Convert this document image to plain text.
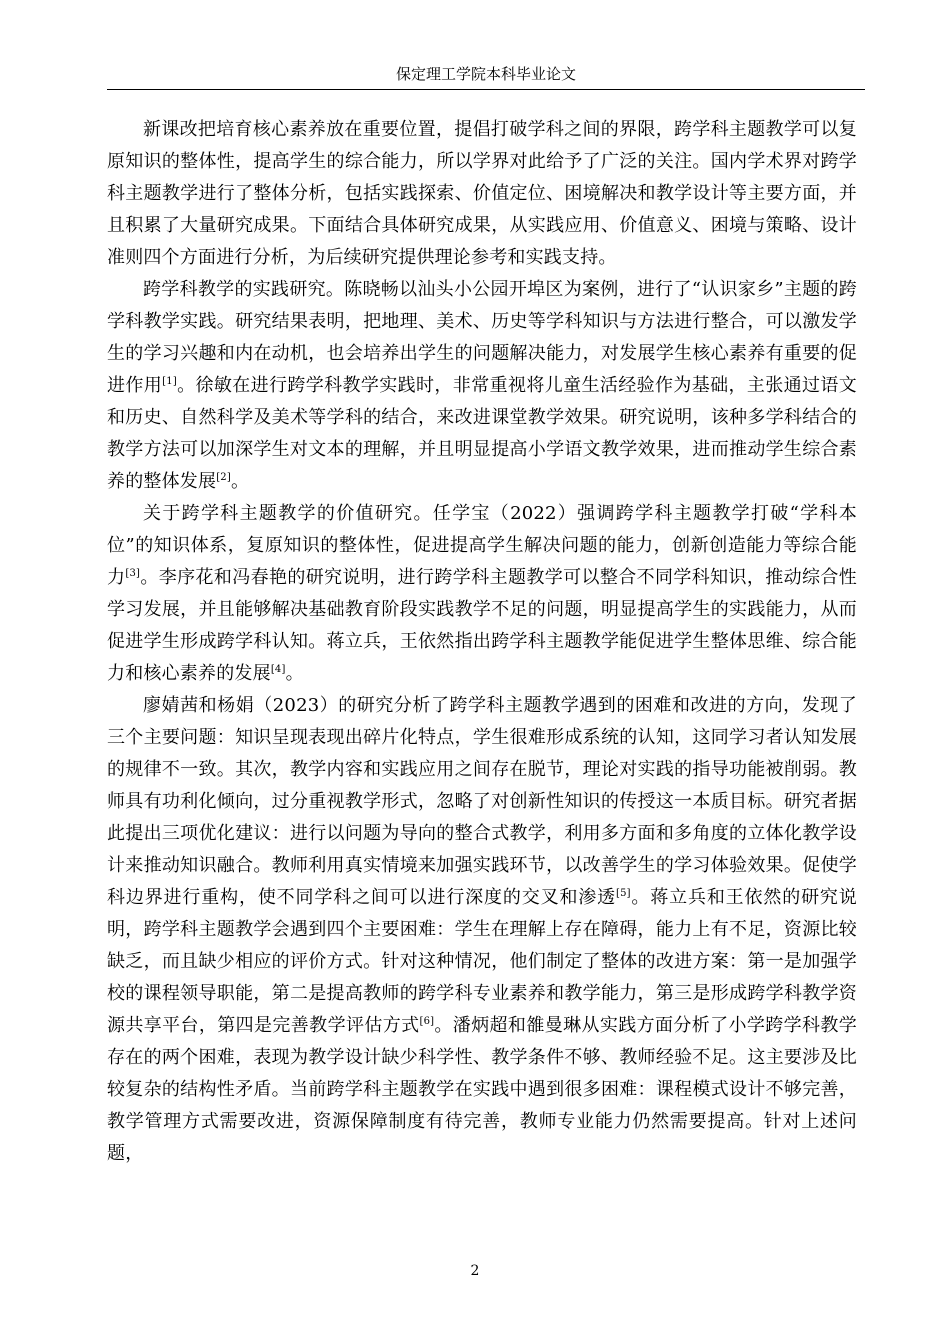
保定理工学院本科毕业论文

新课改把培育核心素养放在重要位置，提倡打破学科之间的界限，跨学科主题教学可以复原知识的整体性，提高学生的综合能力，所以学界对此给予了广泛的关注。国内学术界对跨学科主题教学进行了整体分析，包括实践探索、价值定位、困境解决和教学设计等主要方面，并且积累了大量研究成果。下面结合具体研究成果，从实践应用、价值意义、困境与策略、设计准则四个方面进行分析，为后续研究提供理论参考和实践支持。

跨学科教学的实践研究。陈晓畅以汕头小公园开埠区为案例，进行了“认识家乡”主题的跨学科教学实践。研究结果表明，把地理、美术、历史等学科知识与方法进行整合，可以激发学生的学习兴趣和内在动机，也会培养出学生的问题解决能力，对发展学生核心素养有重要的促进作用[1]。徐敏在进行跨学科教学实践时，非常重视将儿童生活经验作为基础，主张通过语文和历史、自然科学及美术等学科的结合，来改进课堂教学效果。研究说明，该种多学科结合的教学方法可以加深学生对文本的理解，并且明显提高小学语文教学效果，进而推动学生综合素养的整体发展[2]。

关于跨学科主题教学的价值研究。任学宝（2022）强调跨学科主题教学打破“学科本位”的知识体系，复原知识的整体性，促进提高学生解决问题的能力，创新创造能力等综合能力[3]。李序花和冯春艳的研究说明，进行跨学科主题教学可以整合不同学科知识，推动综合性学习发展，并且能够解决基础教育阶段实践教学不足的问题，明显提高学生的实践能力，从而促进学生形成跨学科认知。蒋立兵，王依然指出跨学科主题教学能促进学生整体思维、综合能力和核心素养的发展[4]。

廖婧茜和杨娟（2023）的研究分析了跨学科主题教学遇到的困难和改进的方向，发现了三个主要问题：知识呈现表现出碎片化特点，学生很难形成系统的认知，这同学习者认知发展的规律不一致。其次，教学内容和实践应用之间存在脱节，理论对实践的指导功能被削弱。教师具有功利化倾向，过分重视教学形式，忽略了对创新性知识的传授这一本质目标。研究者据此提出三项优化建议：进行以问题为导向的整合式教学，利用多方面和多角度的立体化教学设计来推动知识融合。教师利用真实情境来加强实践环节，以改善学生的学习体验效果。促使学科边界进行重构，使不同学科之间可以进行深度的交叉和渗透[5]。蒋立兵和王依然的研究说明，跨学科主题教学会遇到四个主要困难：学生在理解上存在障碍，能力上有不足，资源比较缺乏，而且缺少相应的评价方式。针对这种情况，他们制定了整体的改进方案：第一是加强学校的课程领导职能，第二是提高教师的跨学科专业素养和教学能力，第三是形成跨学科教学资源共享平台，第四是完善教学评估方式[6]。潘炳超和雒曼琳从实践方面分析了小学跨学科教学存在的两个困难，表现为教学设计缺少科学性、教学条件不够、教师经验不足。这主要涉及比较复杂的结构性矛盾。当前跨学科主题教学在实践中遇到很多困难：课程模式设计不够完善，教学管理方式需要改进，资源保障制度有待完善，教师专业能力仍然需要提高。针对上述问题，

2
